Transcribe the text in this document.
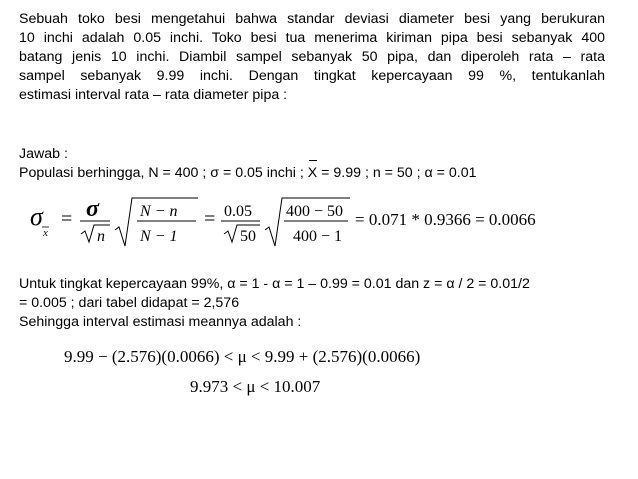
Sebuah toko besi mengetahui bahwa standar deviasi diameter besi yang berukuran
10 inchi adalah 0.05 inchi. Toko besi tua menerima kiriman pipa besi sebanyak 400
batang jenis 10 inchi. Diambil sampel sebanyak 50 pipa, dan diperoleh rata – rata
sampel sebanyak 9.99 inchi. Dengan tingkat kepercayaan 99 %, tentukanlah
estimasi interval rata – rata diameter pipa :
Jawab :
Populasi berhingga, N = 400 ; σ = 0.05 inchi ; X
= 9.99 ; n = 50 ; α = 0.01
σ
x
= σ
n
N − n
N − 1
= 0.05
50
400 − 50
400 − 1
= 0.071 * 0.9366 = 0.0066
Untuk tingkat kepercayaan 99%, α = 1 - α = 1 – 0.99 = 0.01 dan z = α / 2 = 0.01/2
= 0.005 ; dari tabel didapat = 2,576
Sehingga interval estimasi meannya adalah :
9.99 − (2.576)(0.0066) < μ < 9.99 + (2.576)(0.0066)
9.973 < μ < 10.007
